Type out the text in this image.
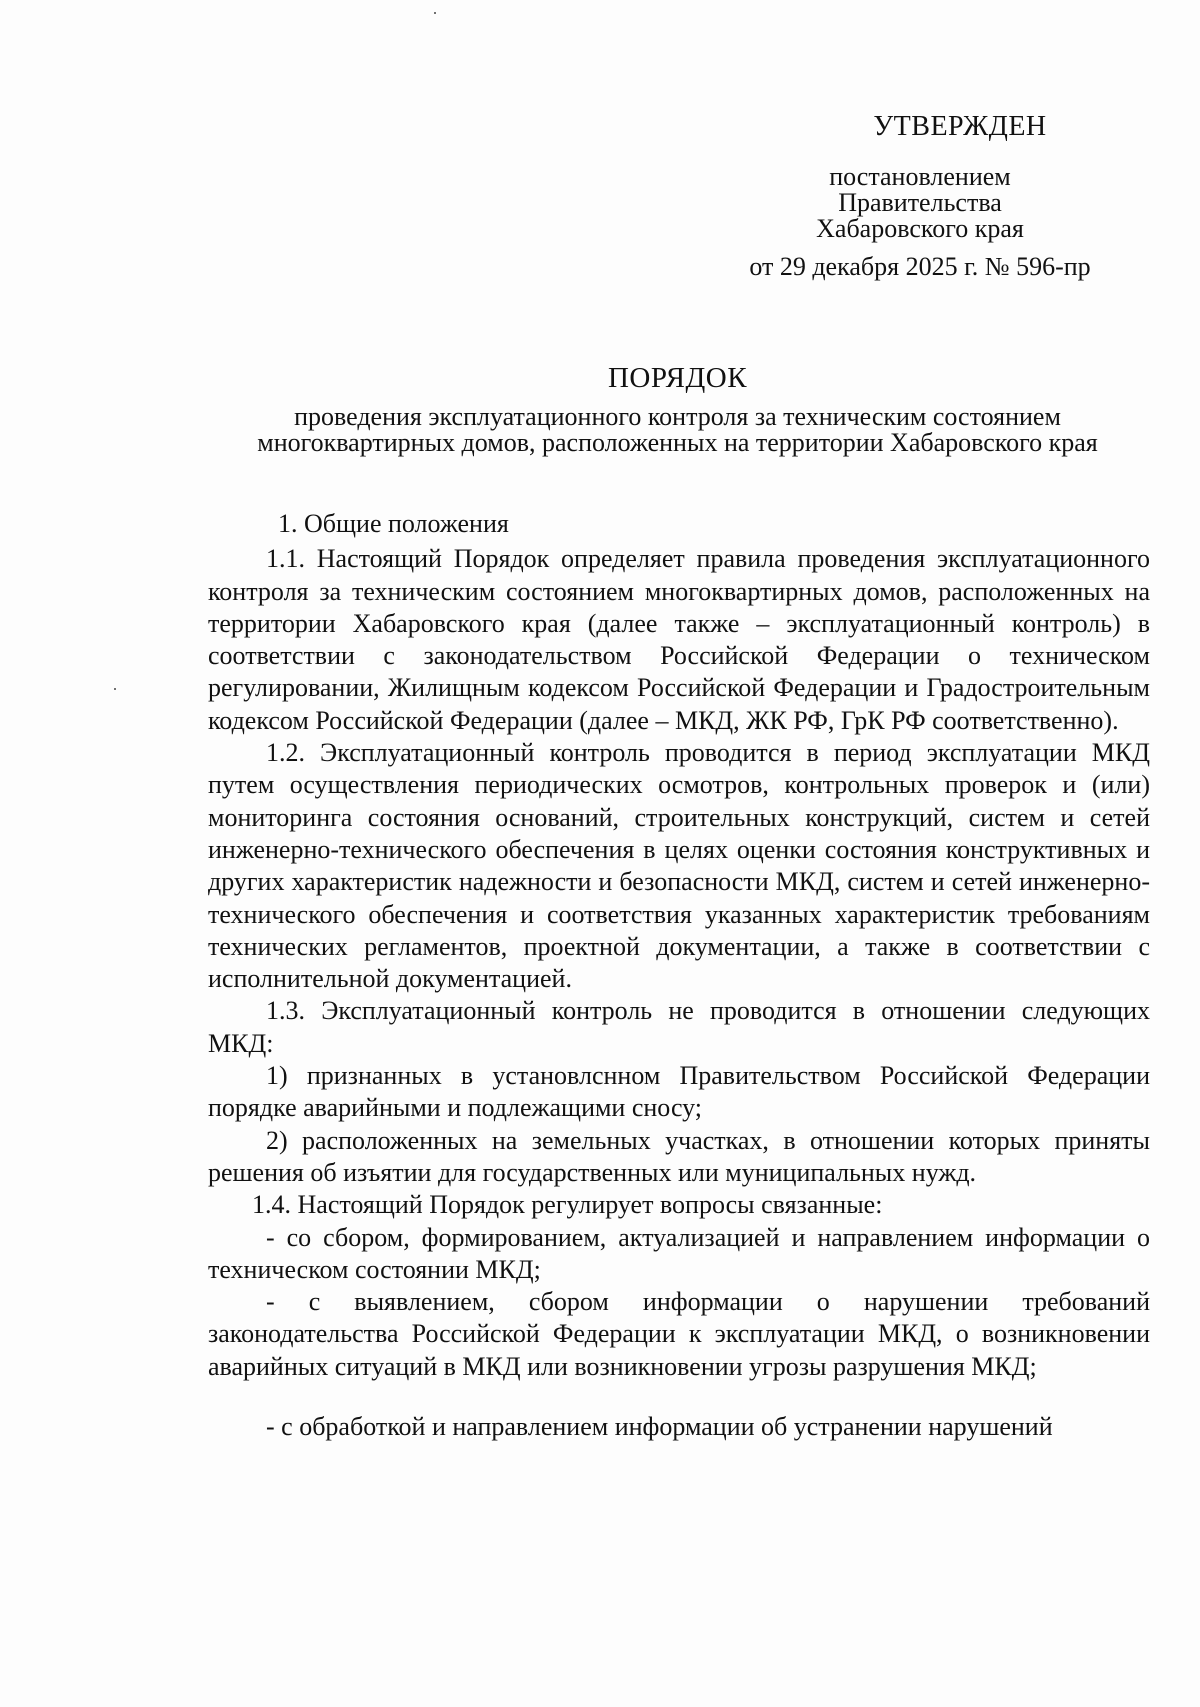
УТВЕРЖДЕН
постановлением
Правительства
Хабаровского края
от 29 декабря 2025 г. № 596-пр
ПОРЯДОК
проведения эксплуатационного контроля за техническим состоянием
многоквартирных домов, расположенных на территории Хабаровского края

1. Общие положения

1.1. Настоящий Порядок определяет правила проведения эксплуатационного контроля за техническим состоянием многоквартирных домов, расположенных на территории Хабаровского края (далее также – эксплуатационный контроль) в соответствии с законодательством Российской Федерации о техническом регулировании, Жилищным кодексом Российской Федерации и Градостроительным кодексом Российской Федерации (далее – МКД, ЖК РФ, ГрК РФ соответственно).

1.2. Эксплуатационный контроль проводится в период эксплуатации МКД путем осуществления периодических осмотров, контрольных проверок и (или) мониторинга состояния оснований, строительных конструкций, систем и сетей инженерно-технического обеспечения в целях оценки состояния конструктивных и других характеристик надежности и безопасности МКД, систем и сетей инженерно-технического обеспечения и соответствия указанных характеристик требованиям технических регламентов, проектной документации, а также в соответствии с исполнительной документацией.

1.3. Эксплуатационный контроль не проводится в отношении следующих МКД:

1) признанных в установлснном Правительством Российской Федерации порядке аварийными и подлежащими сносу;

2) расположенных на земельных участках, в отношении которых приняты решения об изъятии для государственных или муниципальных нужд.

1.4. Настоящий Порядок регулирует вопросы связанные:

- со сбором, формированием, актуализацией и направлением информации о техническом состоянии МКД;

- с выявлением, сбором информации о нарушении требований законодательства Российской Федерации к эксплуатации МКД, о возникновении аварийных ситуаций в МКД или возникновении угрозы разрушения МКД;

- с обработкой и направлением информации об устранении нарушений
